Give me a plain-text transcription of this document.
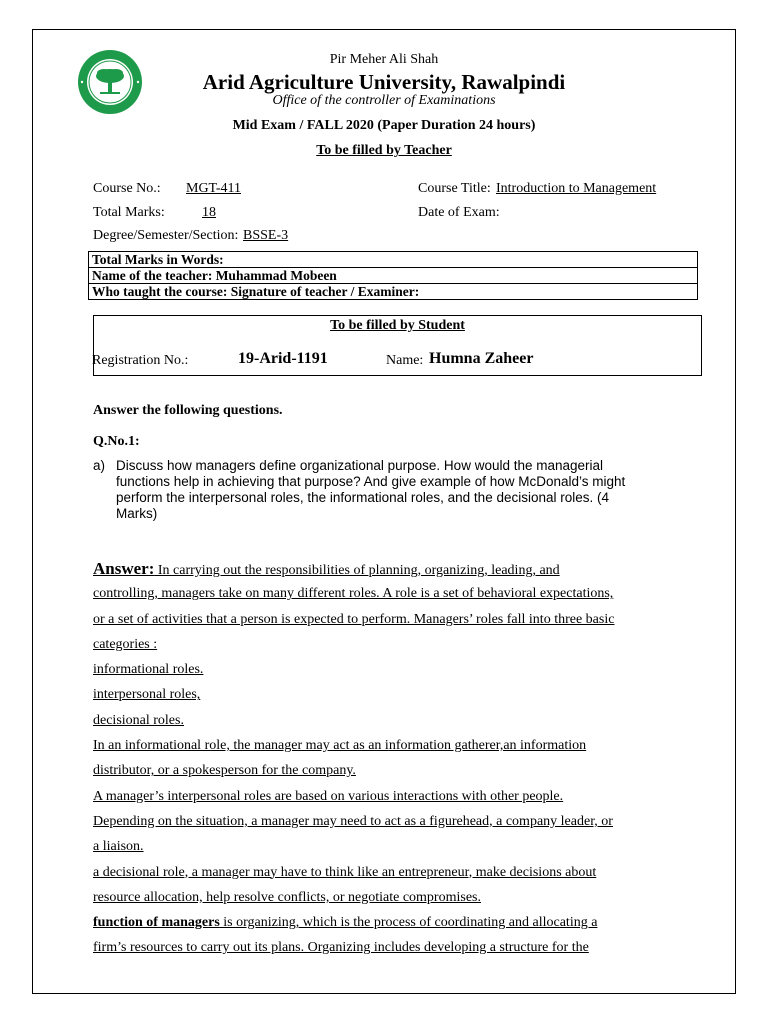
Pir Meher Ali Shah
Arid Agriculture University, Rawalpindi
Office of the controller of Examinations
Mid Exam / FALL 2020 (Paper Duration 24 hours)
To be filled by Teacher
Course No.: MGT-411	Course Title: Introduction to Management
Total Marks:	18	Date of Exam:
Degree/Semester/Section: BSSE-3
Total Marks in Words:
Name of the teacher: Muhammad Mobeen
Who taught the course: Signature of teacher / Examiner:
To be filled by Student
Registration No.:	19-Arid-1191	Name: Humna Zaheer
Answer the following questions.
Q.No.1:
a) Discuss how managers define organizational purpose. How would the managerial
functions help in achieving that purpose? And give example of how McDonald’s might
perform the interpersonal roles, the informational roles, and the decisional roles. (4
Marks)
Answer: In carrying out the responsibilities of planning, organizing, leading, and
controlling, managers take on many different roles. A role is a set of behavioral expectations,
or a set of activities that a person is expected to perform. Managers’ roles fall into three basic
categories :
informational roles.
interpersonal roles,
decisional roles.
In an informational role, the manager may act as an information gatherer,an information
distributor, or a spokesperson for the company.
A manager’s interpersonal roles are based on various interactions with other people.
Depending on the situation, a manager may need to act as a figurehead, a company leader, or
a liaison.
a decisional role, a manager may have to think like an entrepreneur, make decisions about
resource allocation, help resolve conflicts, or negotiate compromises.
function of managers is organizing, which is the process of coordinating and allocating a
firm’s resources to carry out its plans. Organizing includes developing a structure for the
